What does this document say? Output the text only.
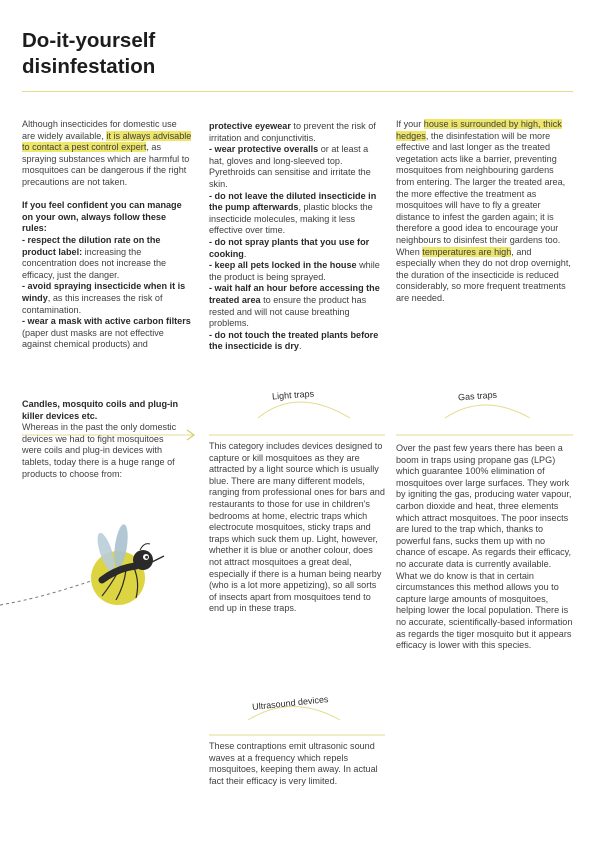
Do-it-yourself disinfestation

Although insecticides for domestic use are widely available, it is always advisable to contact a pest control expert, as spraying substances which are harmful to mosquitoes can be dangerous if the right precautions are not taken.

If you feel confident you can manage on your own, always follow these rules:

- respect the dilution rate on the product label: increasing the concentration does not increase the efficacy, just the danger.

- avoid spraying insecticide when it is windy, as this increases the risk of contamination.

- wear a mask with active carbon filters (paper dust masks are not effective against chemical products) and

protective eyewear to prevent the risk of irritation and conjunctivitis.

- wear protective overalls or at least a hat, gloves and long-sleeved top. Pyrethroids can sensitise and irritate the skin.

- do not leave the diluted insecticide in the pump afterwards, plastic blocks the insecticide molecules, making it less effective over time.

- do not spray plants that you use for cooking.

- keep all pets locked in the house while the product is being sprayed.

- wait half an hour before accessing the treated area to ensure the product has rested and will not cause breathing problems.

- do not touch the treated plants before the insecticide is dry.

If your house is surrounded by high, thick hedges, the disinfestation will be more effective and last longer as the treated vegetation acts like a barrier, preventing mosquitoes from neighbouring gardens from entering. The larger the treated area, the more effective the treatment as mosquitoes will have to fly a greater distance to infest the garden again; it is therefore a good idea to encourage your neighbours to disinfest their gardens too. When temperatures are high, and especially when they do not drop overnight, the duration of the insecticide is reduced considerably, so more frequent treatments are needed.

Candles, mosquito coils and plug-in killer devices etc.

Whereas in the past the only domestic devices we had to fight mosquitoes were coils and plug-in devices with tablets, today there is a huge range of products to choose from:

Light traps	Gas traps
Ultrasound devices
This category includes devices designed to capture or kill mosquitoes as they are attracted by a light source which is usually blue. There are many different models, ranging from professional ones for bars and restaurants to those for use in children's bedrooms at home, electric traps which electrocute mosquitoes, sticky traps and traps which suck them up. Light, however, whether it is blue or another colour, does not attract mosquitoes a great deal, especially if there is a human being nearby (who is a lot more appetizing), so all sorts of insects apart from mosquitoes tend to end up in these traps.
Over the past few years there has been a boom in traps using propane gas (LPG) which guarantee 100% elimination of mosquitoes over large surfaces. They work by igniting the gas, producing water vapour, carbon dioxide and heat, three elements which attract mosquitoes. The poor insects are lured to the trap which, thanks to powerful fans, sucks them up with no chance of escape. As regards their efficacy, no accurate data is currently available. What we do know is that in certain circumstances this method allows you to capture large amounts of mosquitoes, helping lower the local population. There is no accurate, scientifically-based information as regards the tiger mosquito but it appears efficacy is lower with this species.
These contraptions emit ultrasonic sound waves at a frequency which repels mosquitoes, keeping them away. In actual fact their efficacy is very limited.
